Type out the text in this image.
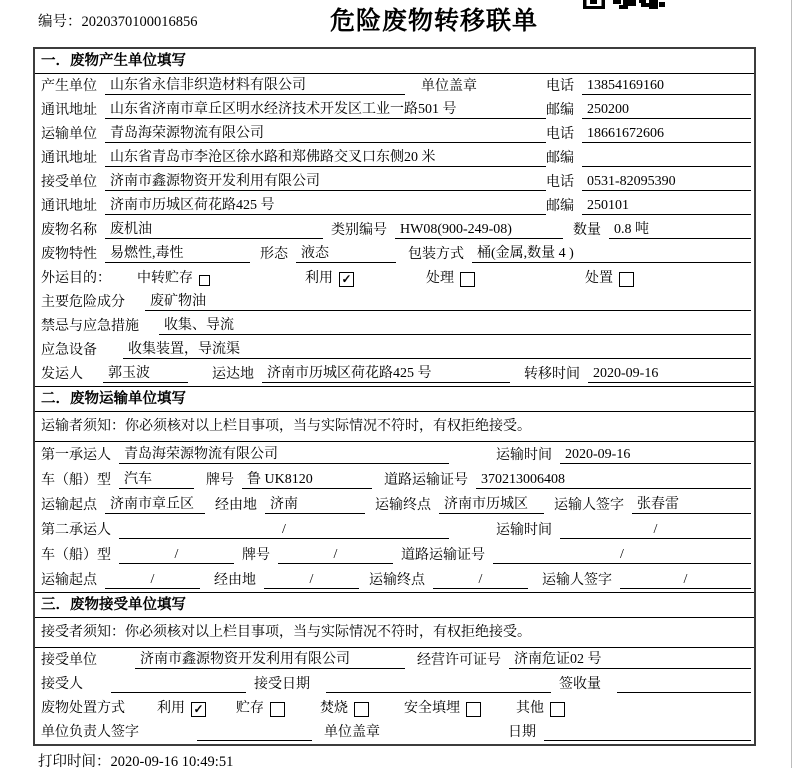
编号：2020370100016856	危险废物转移联单
一．废物产生单位填写
产生单位 山东省永信非织造材料有限公司	单位盖章	电话 13854169160
通讯地址 山东省济南市章丘区明水经济技术开发区工业一路501 号	邮编 250200
运输单位 青岛海荣源物流有限公司	电话 18661672606
通讯地址 山东省青岛市李沧区徐水路和郑佛路交叉口东侧20 米	邮编
接受单位 济南市鑫源物资开发利用有限公司	电话 0531-82095390
通讯地址 济南市历城区荷花路425 号	邮编 250101
废物名称 废机油	类别编号 HW08(900-249-08)	数量 0.8 吨
废物特性 易燃性,毒性	形态 液态	包装方式 桶(金属,数量 4 )
外运目的：	中转贮存	利用 ✓	处理	处置
主要危险成分	废矿物油
禁忌与应急措施	收集、导流
应急设备	收集装置，导流渠
发运人	郭玉波	运达地 济南市历城区荷花路425 号	转移时间 2020-09-16
二．废物运输单位填写
运输者须知：你必须核对以上栏目事项，当与实际情况不符时，有权拒绝接受。
第一承运人 青岛海荣源物流有限公司	运输时间 2020-09-16
车（船）型 汽车	牌号 鲁 UK8120	道路运输证号 370213006408
运输起点 济南市章丘区	经由地 济南	运输终点 济南市历城区	运输人签字 张春雷
第二承运人	/	运输时间	/
车（船）型	/	牌号	/	道路运输证号	/
运输起点	/	经由地	/	运输终点	/	运输人签字	/
三．废物接受单位填写
接受者须知：你必须核对以上栏目事项，当与实际情况不符时，有权拒绝接受。
接受单位	济南市鑫源物资开发利用有限公司	经营许可证号 济南危证02 号
接受人	接受日期	签收量
废物处置方式	利用 ✓ 贮存	焚烧	安全填埋	其他
单位负责人签字	单位盖章	日期
打印时间：2020-09-16 10:49:51
